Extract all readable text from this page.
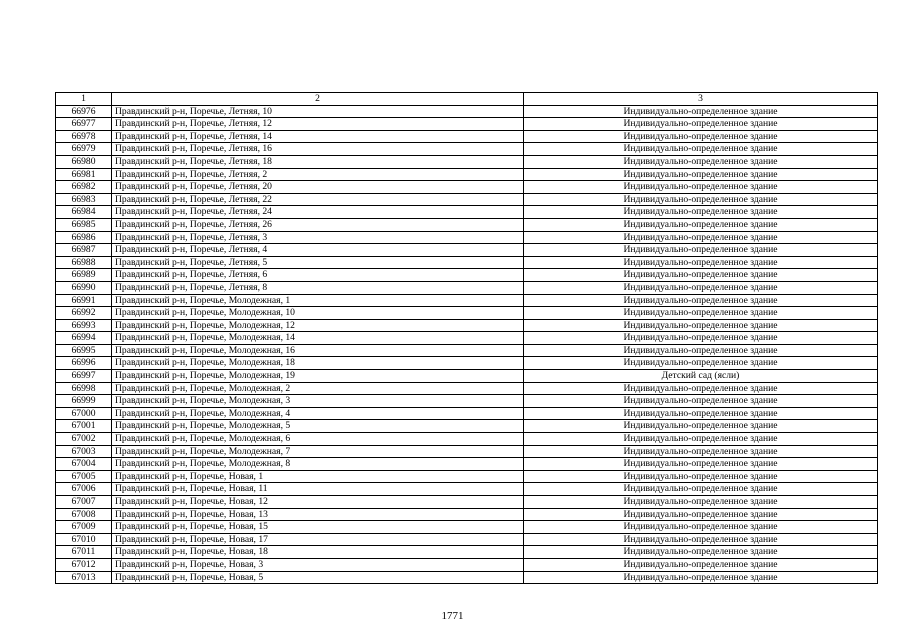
1	2	3
66976	Правдинский р-н, Поречье, Летняя, 10	Индивидуально-определенное здание
66977	Правдинский р-н, Поречье, Летняя, 12	Индивидуально-определенное здание
66978	Правдинский р-н, Поречье, Летняя, 14	Индивидуально-определенное здание
66979	Правдинский р-н, Поречье, Летняя, 16	Индивидуально-определенное здание
66980	Правдинский р-н, Поречье, Летняя, 18	Индивидуально-определенное здание
66981	Правдинский р-н, Поречье, Летняя, 2	Индивидуально-определенное здание
66982	Правдинский р-н, Поречье, Летняя, 20	Индивидуально-определенное здание
66983	Правдинский р-н, Поречье, Летняя, 22	Индивидуально-определенное здание
66984	Правдинский р-н, Поречье, Летняя, 24	Индивидуально-определенное здание
66985	Правдинский р-н, Поречье, Летняя, 26	Индивидуально-определенное здание
66986	Правдинский р-н, Поречье, Летняя, 3	Индивидуально-определенное здание
66987	Правдинский р-н, Поречье, Летняя, 4	Индивидуально-определенное здание
66988	Правдинский р-н, Поречье, Летняя, 5	Индивидуально-определенное здание
66989	Правдинский р-н, Поречье, Летняя, 6	Индивидуально-определенное здание
66990	Правдинский р-н, Поречье, Летняя, 8	Индивидуально-определенное здание
66991	Правдинский р-н, Поречье, Молодежная, 1	Индивидуально-определенное здание
66992	Правдинский р-н, Поречье, Молодежная, 10	Индивидуально-определенное здание
66993	Правдинский р-н, Поречье, Молодежная, 12	Индивидуально-определенное здание
66994	Правдинский р-н, Поречье, Молодежная, 14	Индивидуально-определенное здание
66995	Правдинский р-н, Поречье, Молодежная, 16	Индивидуально-определенное здание
66996	Правдинский р-н, Поречье, Молодежная, 18	Индивидуально-определенное здание
66997	Правдинский р-н, Поречье, Молодежная, 19	Детский сад (ясли)
66998	Правдинский р-н, Поречье, Молодежная, 2	Индивидуально-определенное здание
66999	Правдинский р-н, Поречье, Молодежная, 3	Индивидуально-определенное здание
67000	Правдинский р-н, Поречье, Молодежная, 4	Индивидуально-определенное здание
67001	Правдинский р-н, Поречье, Молодежная, 5	Индивидуально-определенное здание
67002	Правдинский р-н, Поречье, Молодежная, 6	Индивидуально-определенное здание
67003	Правдинский р-н, Поречье, Молодежная, 7	Индивидуально-определенное здание
67004	Правдинский р-н, Поречье, Молодежная, 8	Индивидуально-определенное здание
67005	Правдинский р-н, Поречье, Новая, 1	Индивидуально-определенное здание
67006	Правдинский р-н, Поречье, Новая, 11	Индивидуально-определенное здание
67007	Правдинский р-н, Поречье, Новая, 12	Индивидуально-определенное здание
67008	Правдинский р-н, Поречье, Новая, 13	Индивидуально-определенное здание
67009	Правдинский р-н, Поречье, Новая, 15	Индивидуально-определенное здание
67010	Правдинский р-н, Поречье, Новая, 17	Индивидуально-определенное здание
67011	Правдинский р-н, Поречье, Новая, 18	Индивидуально-определенное здание
67012	Правдинский р-н, Поречье, Новая, 3	Индивидуально-определенное здание
67013	Правдинский р-н, Поречье, Новая, 5	Индивидуально-определенное здание
1771
